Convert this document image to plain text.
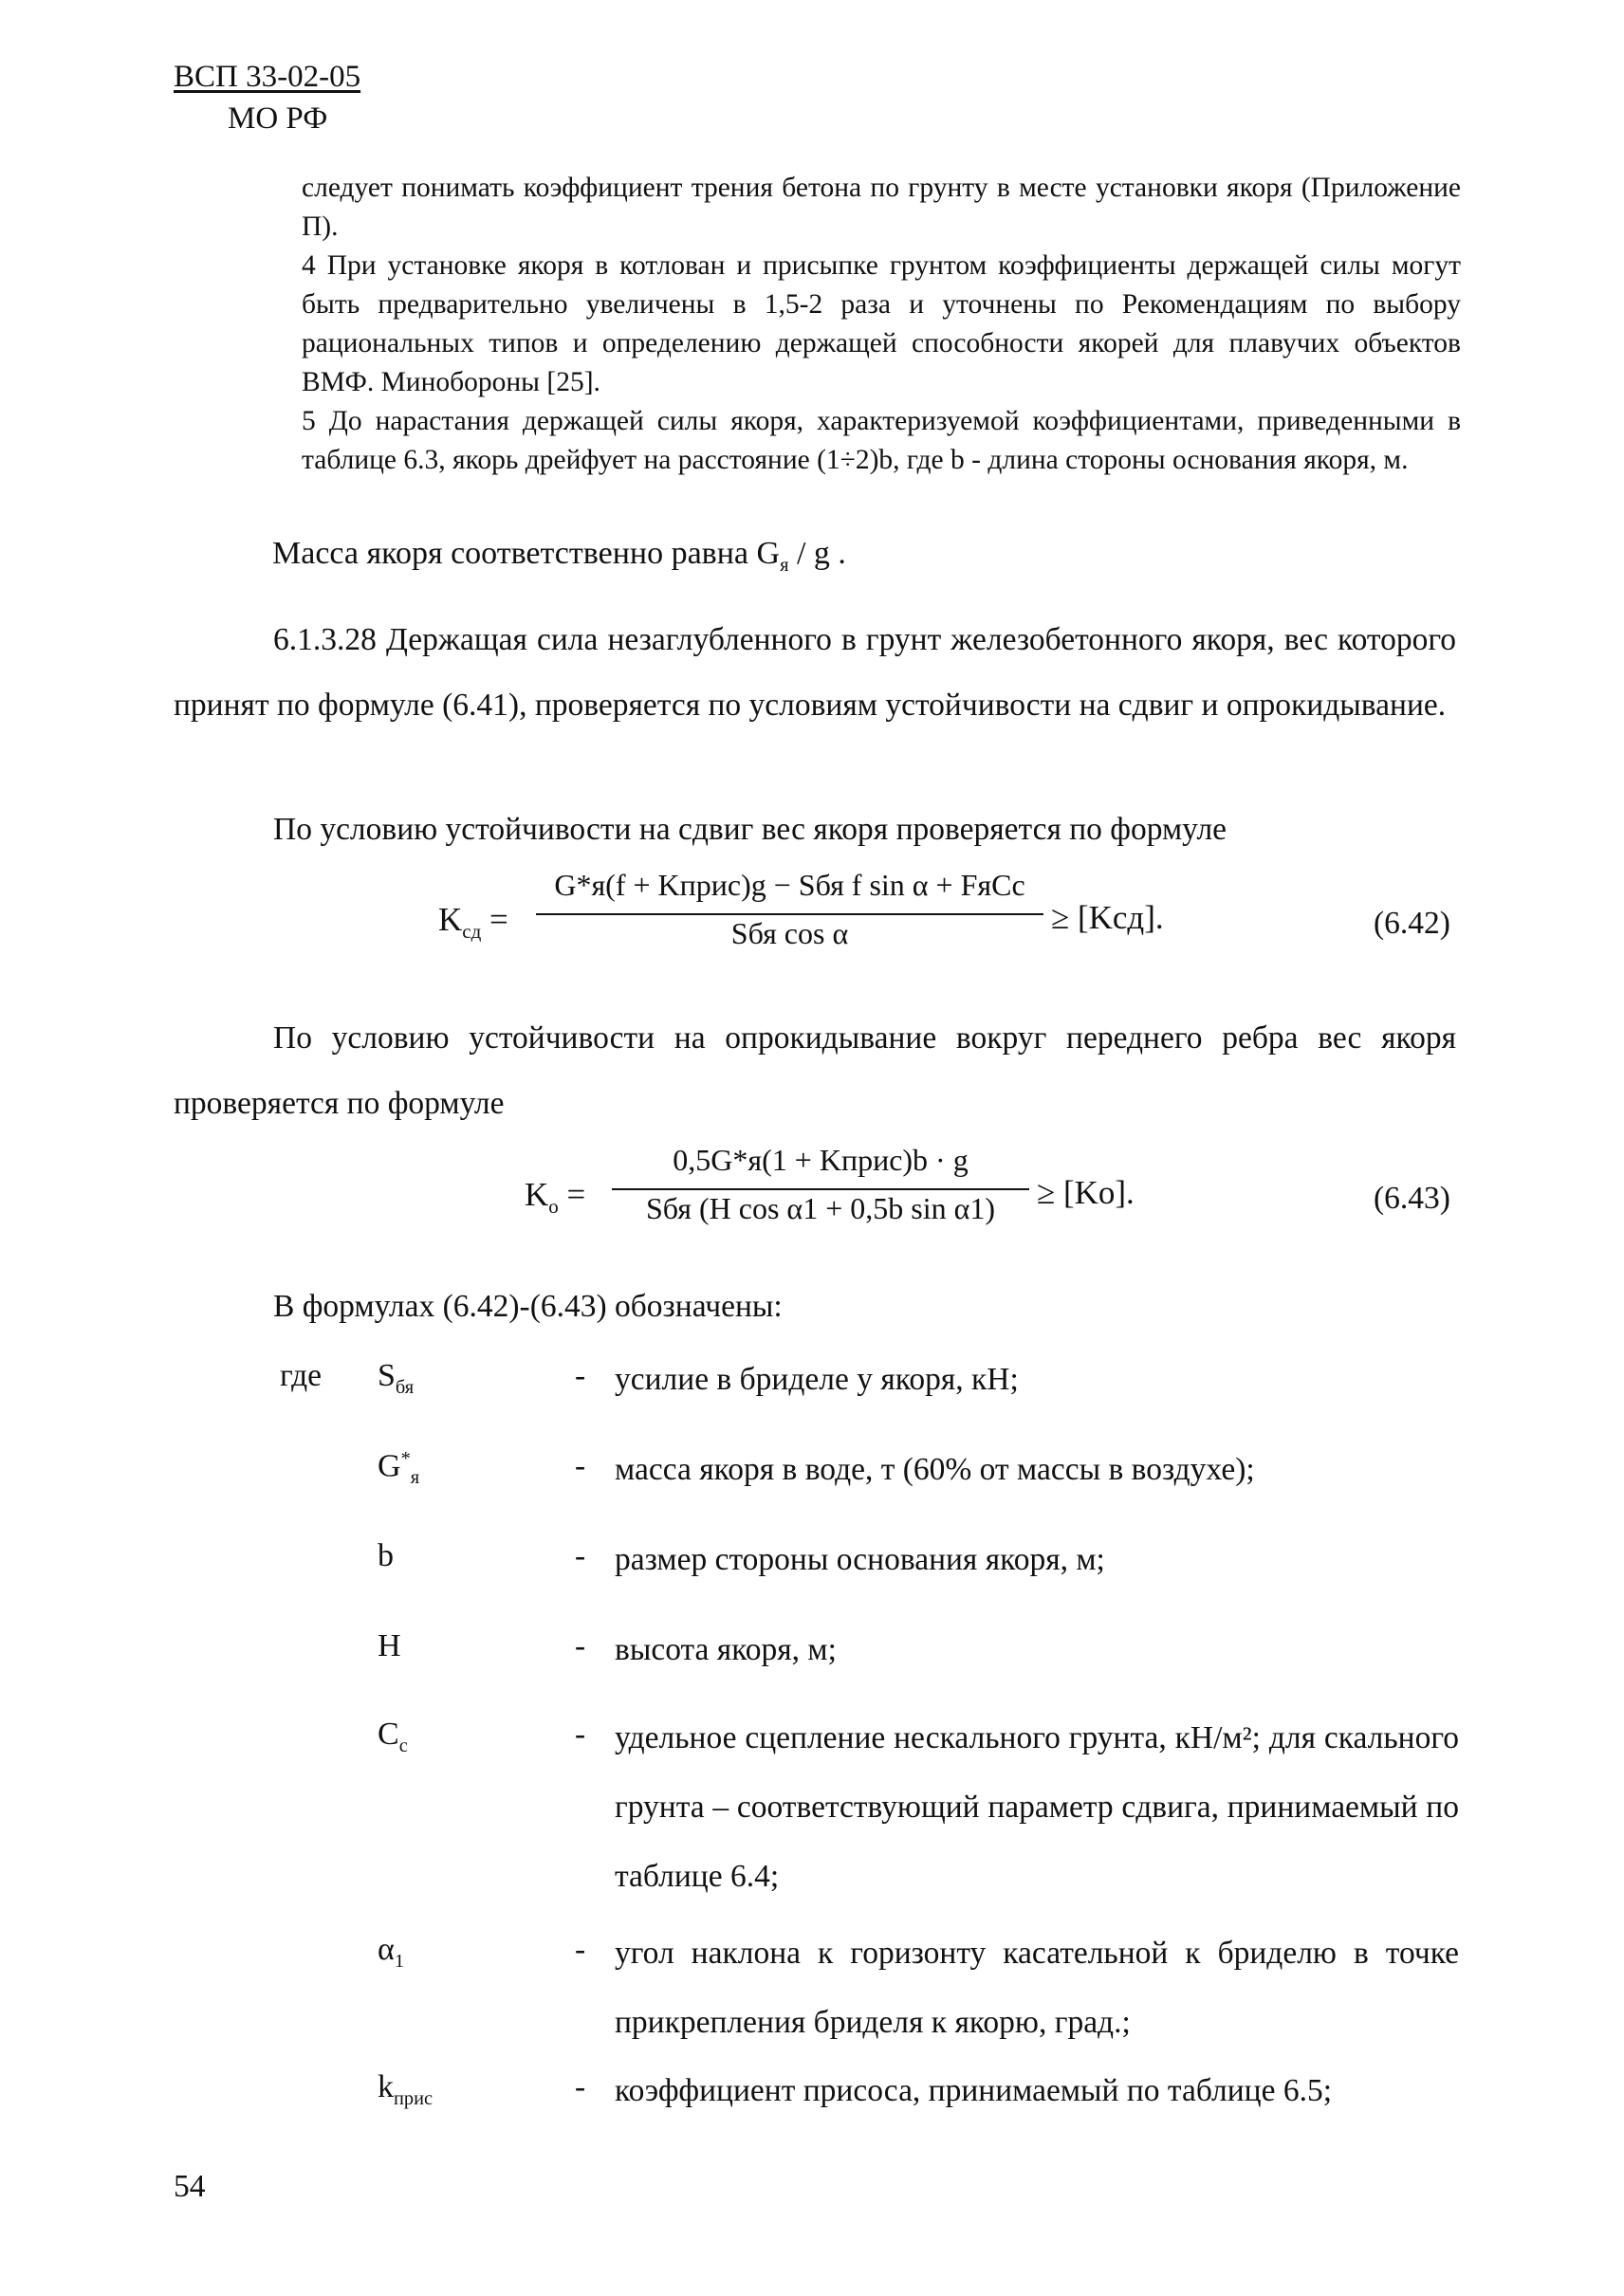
ВСП 33-02-05
МО РФ

следует понимать коэффициент трения бетона по грунту в месте установки якоря (Приложение П).

4 При установке якоря в котлован и присыпке грунтом коэффициенты держащей силы могут быть предварительно увеличены в 1,5-2 раза и уточнены по Рекомендациям по выбору рациональных типов и определению держащей способности якорей для плавучих объектов ВМФ. Минобороны [25].

5 До нарастания держащей силы якоря, характеризуемой коэффициентами, приведенными в таблице 6.3, якорь дрейфует на расстояние (1÷2)b, где b - длина стороны основания якоря, м.

Масса якоря соответственно равна $G_я$ / g .

6.1.3.28 Держащая сила незаглубленного в грунт железобетонного якоря, вес которого принят по формуле (6.41), проверяется по условиям устойчивости на сдвиг и опрокидывание.

По условию устойчивости на сдвиг вес якоря проверяется по формуле

$K_{сд}$ =
G*я(f + Kприс)g − Sбя f sin α + FяCс
Sбя cos α	≥ [Kсд].	(6.42)

По условию устойчивости на опрокидывание вокруг переднего ребра вес якоря проверяется по формуле

$K_о$ =
0,5G*я(1 + Kприс)b · g
Sбя (H cos α1 + 0,5b sin α1)	≥ [Kо].	(6.43)
В формулах (6.42)-(6.43) обозначены:
где $S_{бя}$	- усилие в бриделе у якоря, кН;
$G^*_я$	- масса якоря в воде, т (60% от массы в воздухе);
b	- размер стороны основания якоря, м;
H	- высота якоря, м;
$C_с$	- удельное сцепление нескального грунта, кН/м²; для скального грунта – соответствующий параметр сдвига, принимаемый по таблице 6.4;
$\alpha_1$	- угол наклона к горизонту касательной к бриделю в точке прикрепления бриделя к якорю, град.;
$k_{прис}$	- коэффициент присоса, принимаемый по таблице 6.5;
54
